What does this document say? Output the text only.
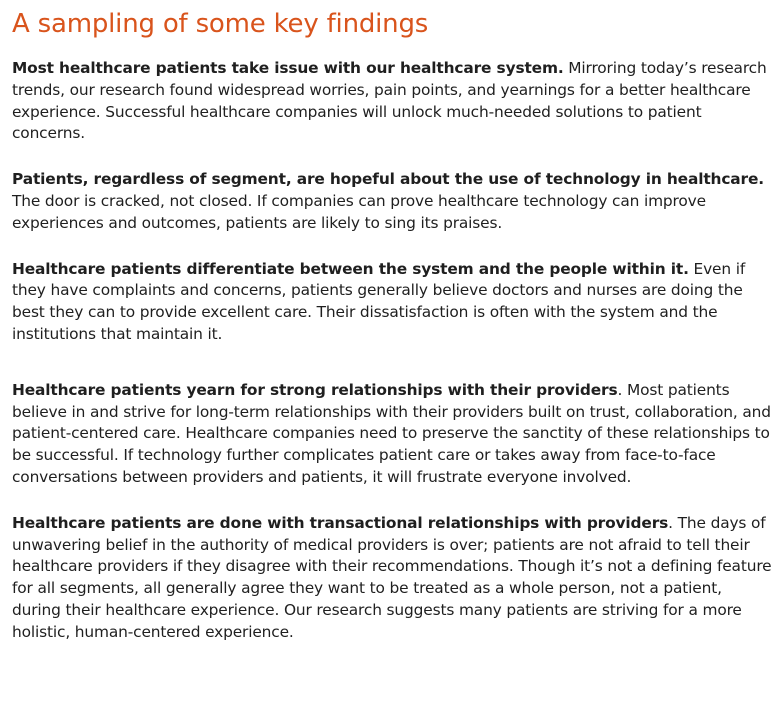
A sampling of some key findings

Most healthcare patients take issue with our healthcare system. Mirroring today’s research trends, our research found widespread worries, pain points, and yearnings for a better healthcare experience. Successful healthcare companies will unlock much-needed solutions to patient concerns.

Patients, regardless of segment, are hopeful about the use of technology in healthcare. The door is cracked, not closed. If companies can prove healthcare technology can improve experiences and outcomes, patients are likely to sing its praises.

Healthcare patients differentiate between the system and the people within it. Even if they have complaints and concerns, patients generally believe doctors and nurses are doing the best they can to provide excellent care. Their dissatisfaction is often with the system and the institutions that maintain it.

Healthcare patients yearn for strong relationships with their providers. Most patients believe in and strive for long-term relationships with their providers built on trust, collaboration, and patient-centered care. Healthcare companies need to preserve the sanctity of these relationships to be successful. If technology further complicates patient care or takes away from face-to-face conversations between providers and patients, it will frustrate everyone involved.

Healthcare patients are done with transactional relationships with providers. The days of unwavering belief in the authority of medical providers is over; patients are not afraid to tell their healthcare providers if they disagree with their recommendations. Though it’s not a defining feature for all segments, all generally agree they want to be treated as a whole person, not a patient, during their healthcare experience. Our research suggests many patients are striving for a more holistic, human-centered experience.
